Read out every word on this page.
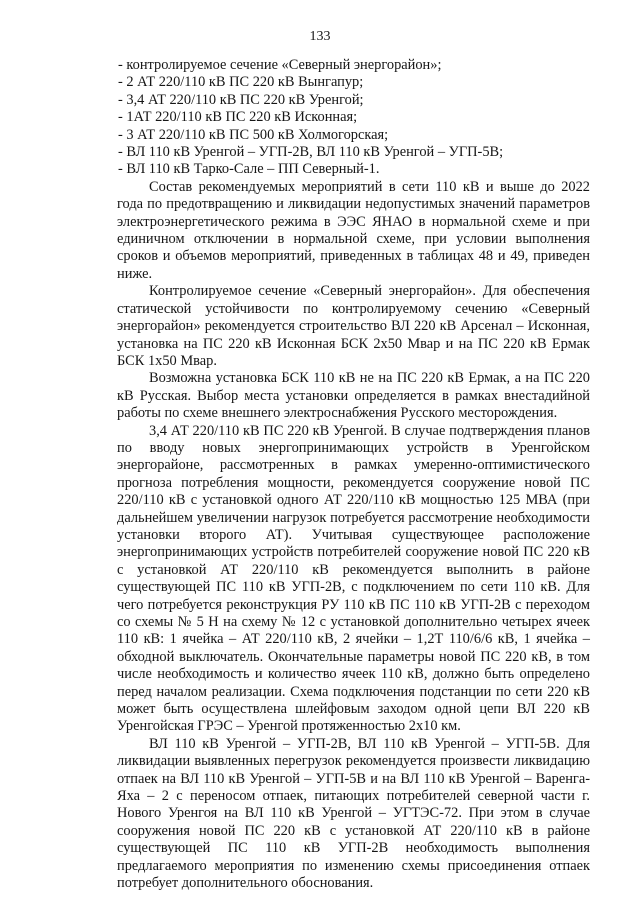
133

- контролируемое сечение «Северный энергорайон»;

- 2 АТ 220/110 кВ ПС 220 кВ Вынгапур;

- 3,4 АТ 220/110 кВ ПС 220 кВ Уренгой;

- 1АТ 220/110 кВ ПС 220 кВ Исконная;

- 3 АТ 220/110 кВ ПС 500 кВ Холмогорская;

- ВЛ 110 кВ Уренгой – УГП-2В, ВЛ 110 кВ Уренгой – УГП-5В;

- ВЛ 110 кВ Тарко-Сале – ПП Северный-1.

Состав рекомендуемых мероприятий в сети 110 кВ и выше до 2022 года по предотвращению и ликвидации недопустимых значений параметров электроэнергетического режима в ЭЭС ЯНАО в нормальной схеме и при единичном отключении в нормальной схеме, при условии выполнения сроков и объемов мероприятий, приведенных в таблицах 48 и 49, приведен ниже.

Контролируемое сечение «Северный энергорайон». Для обеспечения статической устойчивости по контролируемому сечению «Северный энергорайон» рекомендуется строительство ВЛ 220 кВ Арсенал – Исконная, установка на ПС 220 кВ Исконная БСК 2х50 Мвар и на ПС 220 кВ Ермак БСК 1х50 Мвар.

Возможна установка БСК 110 кВ не на ПС 220 кВ Ермак, а на ПС 220 кВ Русская. Выбор места установки определяется в рамках внестадийной работы по схеме внешнего электроснабжения Русского месторождения.

3,4 АТ 220/110 кВ ПС 220 кВ Уренгой. В случае подтверждения планов по вводу новых энергопринимающих устройств в Уренгойском энергорайоне, рассмотренных в рамках умеренно-оптимистического прогноза потребления мощности, рекомендуется сооружение новой ПС 220/110 кВ с установкой одного АТ 220/110 кВ мощностью 125 МВА (при дальнейшем увеличении нагрузок потребуется рассмотрение необходимости установки второго АТ). Учитывая существующее расположение энергопринимающих устройств потребителей сооружение новой ПС 220 кВ с установкой АТ 220/110 кВ рекомендуется выполнить в районе существующей ПС 110 кВ УГП-2В, с подключением по сети 110 кВ. Для чего потребуется реконструкция РУ 110 кВ ПС 110 кВ УГП-2В с переходом со схемы № 5 Н на схему № 12 с установкой дополнительно четырех ячеек 110 кВ: 1 ячейка – АТ 220/110 кВ, 2 ячейки – 1,2Т 110/6/6 кВ, 1 ячейка – обходной выключатель. Окончательные параметры новой ПС 220 кВ, в том числе необходимость и количество ячеек 110 кВ, должно быть определено перед началом реализации. Схема подключения подстанции по сети 220 кВ может быть осуществлена шлейфовым заходом одной цепи ВЛ 220 кВ Уренгойская ГРЭС – Уренгой протяженностью 2х10 км.

ВЛ 110 кВ Уренгой – УГП-2В, ВЛ 110 кВ Уренгой – УГП-5В. Для ликвидации выявленных перегрузок рекомендуется произвести ликвидацию отпаек на ВЛ 110 кВ Уренгой – УГП-5В и на ВЛ 110 кВ Уренгой – Варенга-Яха – 2 с переносом отпаек, питающих потребителей северной части г. Нового Уренгоя на ВЛ 110 кВ Уренгой – УГТЭС-72. При этом в случае сооружения новой ПС 220 кВ с установкой АТ 220/110 кВ в районе существующей ПС 110 кВ УГП-2В необходимость выполнения предлагаемого мероприятия по изменению схемы присоединения отпаек потребует дополнительного обоснования.
